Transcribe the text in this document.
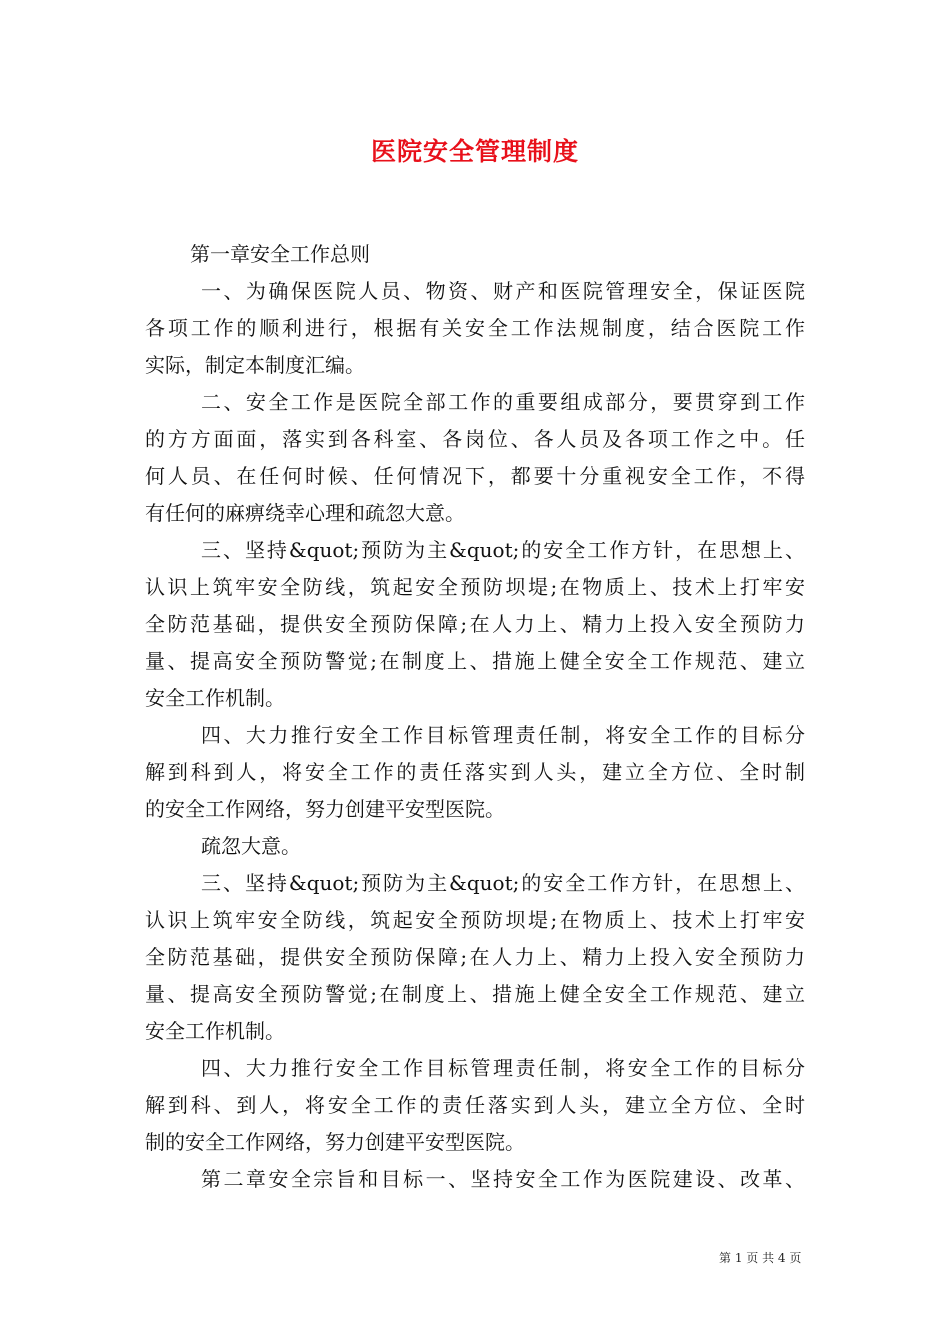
医院安全管理制度
第一章安全工作总则
一、为确保医院人员、物资、财产和医院管理安全，保证医院
各项工作的顺利进行，根据有关安全工作法规制度，结合医院工作
实际，制定本制度汇编。
二、安全工作是医院全部工作的重要组成部分，要贯穿到工作
的方方面面，落实到各科室、各岗位、各人员及各项工作之中。任
何人员、在任何时候、任何情况下，都要十分重视安全工作，不得
有任何的麻痹绕幸心理和疏忽大意。
三、坚持&quot;预防为主&quot;的安全工作方针，在思想上、
认识上筑牢安全防线，筑起安全预防坝堤;在物质上、技术上打牢安
全防范基础，提供安全预防保障;在人力上、精力上投入安全预防力
量、提高安全预防警觉;在制度上、措施上健全安全工作规范、建立
安全工作机制。
四、大力推行安全工作目标管理责任制，将安全工作的目标分
解到科到人，将安全工作的责任落实到人头，建立全方位、全时制
的安全工作网络，努力创建平安型医院。
疏忽大意。
三、坚持&quot;预防为主&quot;的安全工作方针，在思想上、
认识上筑牢安全防线，筑起安全预防坝堤;在物质上、技术上打牢安
全防范基础，提供安全预防保障;在人力上、精力上投入安全预防力
量、提高安全预防警觉;在制度上、措施上健全安全工作规范、建立
安全工作机制。
四、大力推行安全工作目标管理责任制，将安全工作的目标分
解到科、到人，将安全工作的责任落实到人头，建立全方位、全时
制的安全工作网络，努力创建平安型医院。
第二章安全宗旨和目标一、坚持安全工作为医院建设、改革、
第 1 页 共 4 页
